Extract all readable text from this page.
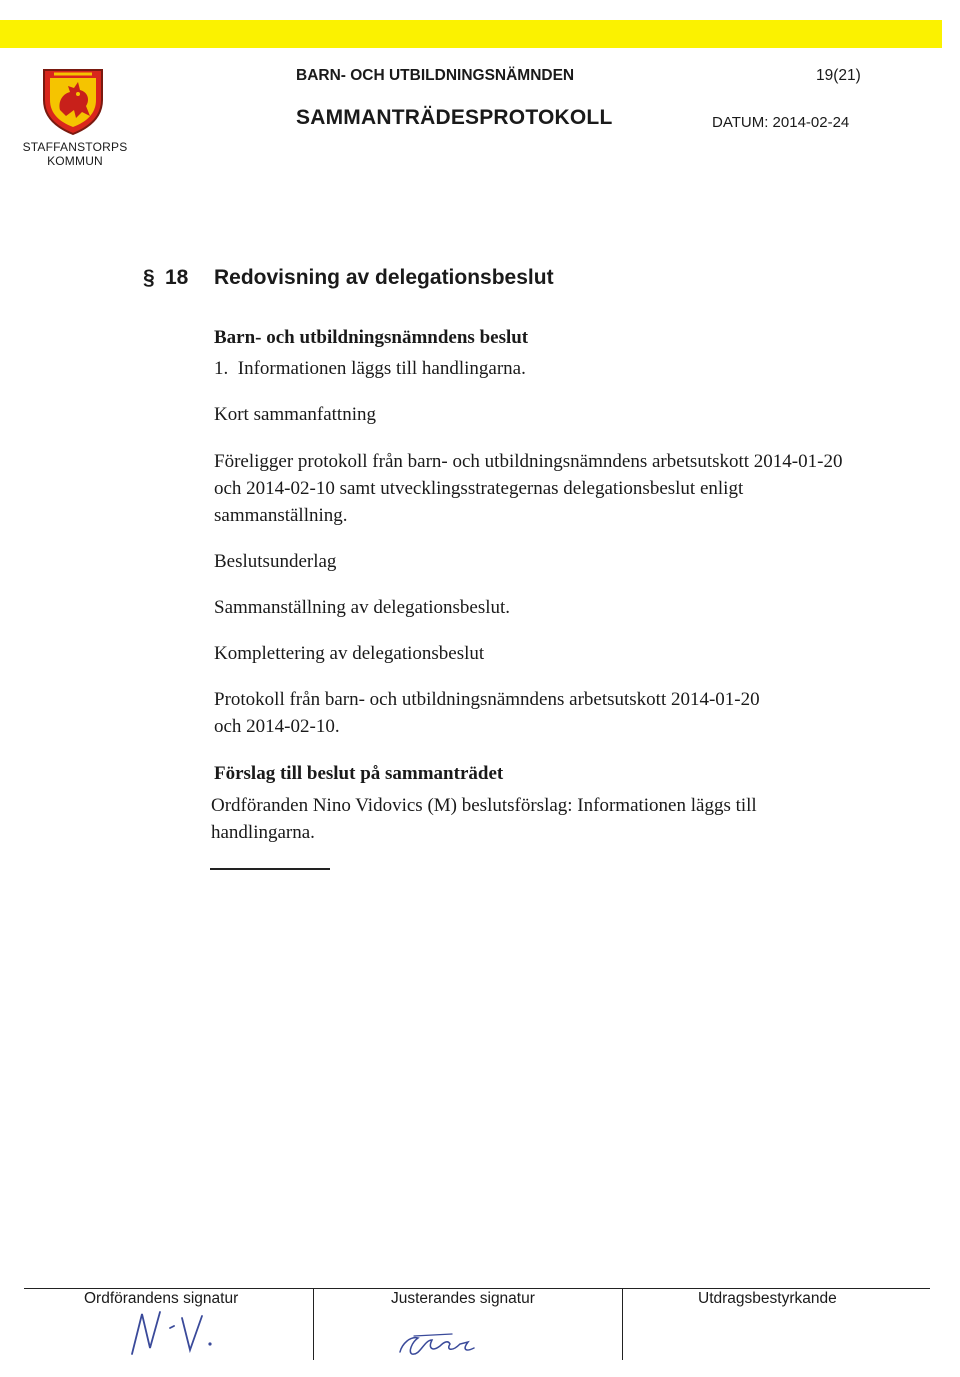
STAFFANSTORPS
KOMMUN
BARN- OCH UTBILDNINGSNÄMNDEN	19(21)
SAMMANTRÄDESPROTOKOLL	DATUM: 2014-02-24
§ 18 Redovisning av delegationsbeslut
Barn- och utbildningsnämndens beslut
1.  Informationen läggs till handlingarna.
Kort sammanfattning
Föreligger protokoll från barn- och utbildningsnämndens arbetsutskott 2014-01-20 och 2014-02-10 samt utvecklingsstrategernas delegationsbeslut enligt sammanställning.
Beslutsunderlag
Sammanställning av delegationsbeslut.
Komplettering av delegationsbeslut
Protokoll från barn- och utbildningsnämndens arbetsutskott 2014-01-20 och 2014-02-10.
Förslag till beslut på sammanträdet
Ordföranden Nino Vidovics (M) beslutsförslag: Informationen läggs till handlingarna.
Ordförandens signatur	Justerandes signatur	Utdragsbestyrkande
